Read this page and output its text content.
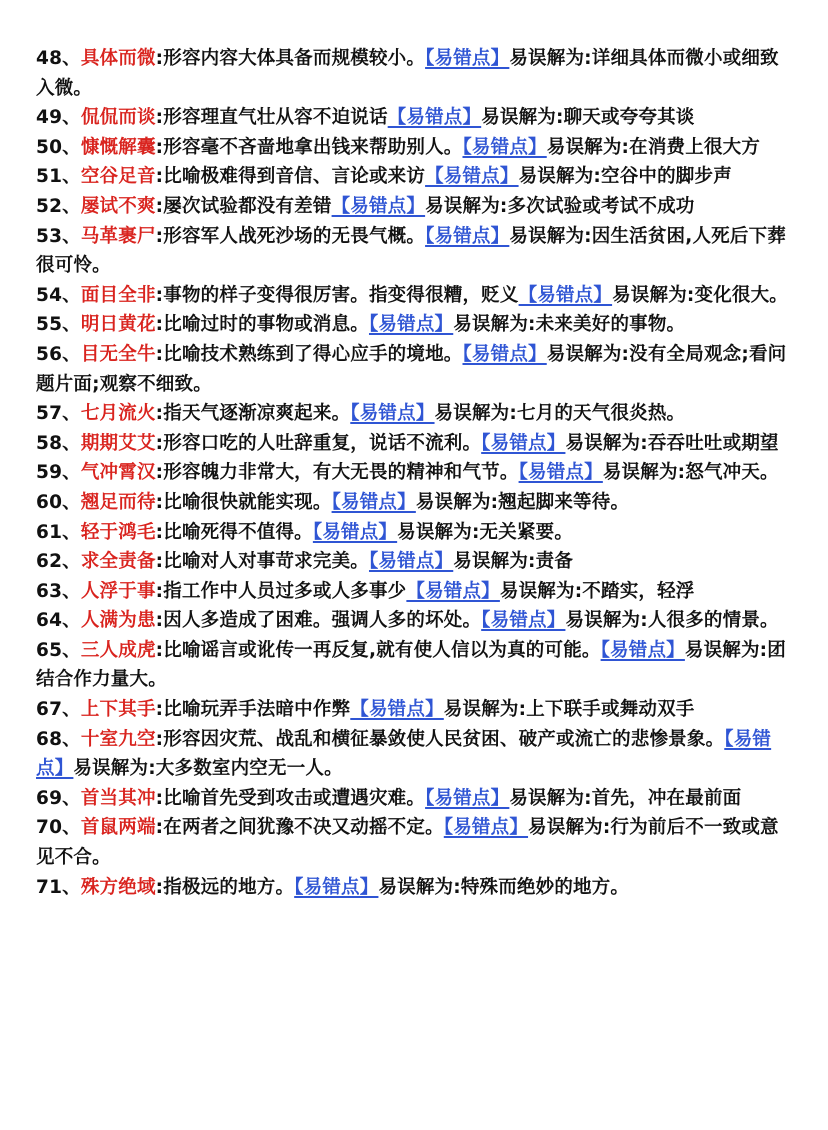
48、具体而微:形容内容大体具备而规模较小。【易错点】易误解为:详细具体而微小或细致入微。
49、侃侃而谈:形容理直气壮从容不迫说话【易错点】易误解为:聊天或夸夸其谈
50、慷慨解囊:形容毫不吝啬地拿出钱来帮助别人。【易错点】易误解为:在消费上很大方
51、空谷足音:比喻极难得到音信、言论或来访【易错点】易误解为:空谷中的脚步声
52、屡试不爽:屡次试验都没有差错【易错点】易误解为:多次试验或考试不成功
53、马革裹尸:形容军人战死沙场的无畏气概。【易错点】易误解为:因生活贫困,人死后下葬很可怜。
54、面目全非:事物的样子变得很厉害。指变得很糟，贬义【易错点】易误解为:变化很大。
55、明日黄花:比喻过时的事物或消息。【易错点】易误解为:未来美好的事物。
56、目无全牛:比喻技术熟练到了得心应手的境地。【易错点】易误解为:没有全局观念;看问题片面;观察不细致。
57、七月流火:指天气逐渐凉爽起来。【易错点】易误解为:七月的天气很炎热。
58、期期艾艾:形容口吃的人吐辞重复，说话不流利。【易错点】易误解为:吞吞吐吐或期望
59、气冲霄汉:形容魄力非常大，有大无畏的精神和气节。【易错点】易误解为:怒气冲天。
60、翘足而待:比喻很快就能实现。【易错点】易误解为:翘起脚来等待。
61、轻于鸿毛:比喻死得不值得。【易错点】易误解为:无关紧要。
62、求全责备:比喻对人对事苛求完美。【易错点】易误解为:责备
63、人浮于事:指工作中人员过多或人多事少【易错点】易误解为:不踏实，轻浮
64、人满为患:因人多造成了困难。强调人多的坏处。【易错点】易误解为:人很多的情景。
65、三人成虎:比喻谣言或讹传一再反复,就有使人信以为真的可能。【易错点】易误解为:团结合作力量大。
67、上下其手:比喻玩弄手法暗中作弊【易错点】易误解为:上下联手或舞动双手
68、十室九空:形容因灾荒、战乱和横征暴敛使人民贫困、破产或流亡的悲惨景象。【易错点】易误解为:大多数室内空无一人。
69、首当其冲:比喻首先受到攻击或遭遇灾难。【易错点】易误解为:首先，冲在最前面
70、首鼠两端:在两者之间犹豫不决又动摇不定。【易错点】易误解为:行为前后不一致或意见不合。
71、殊方绝域:指极远的地方。【易错点】易误解为:特殊而绝妙的地方。
